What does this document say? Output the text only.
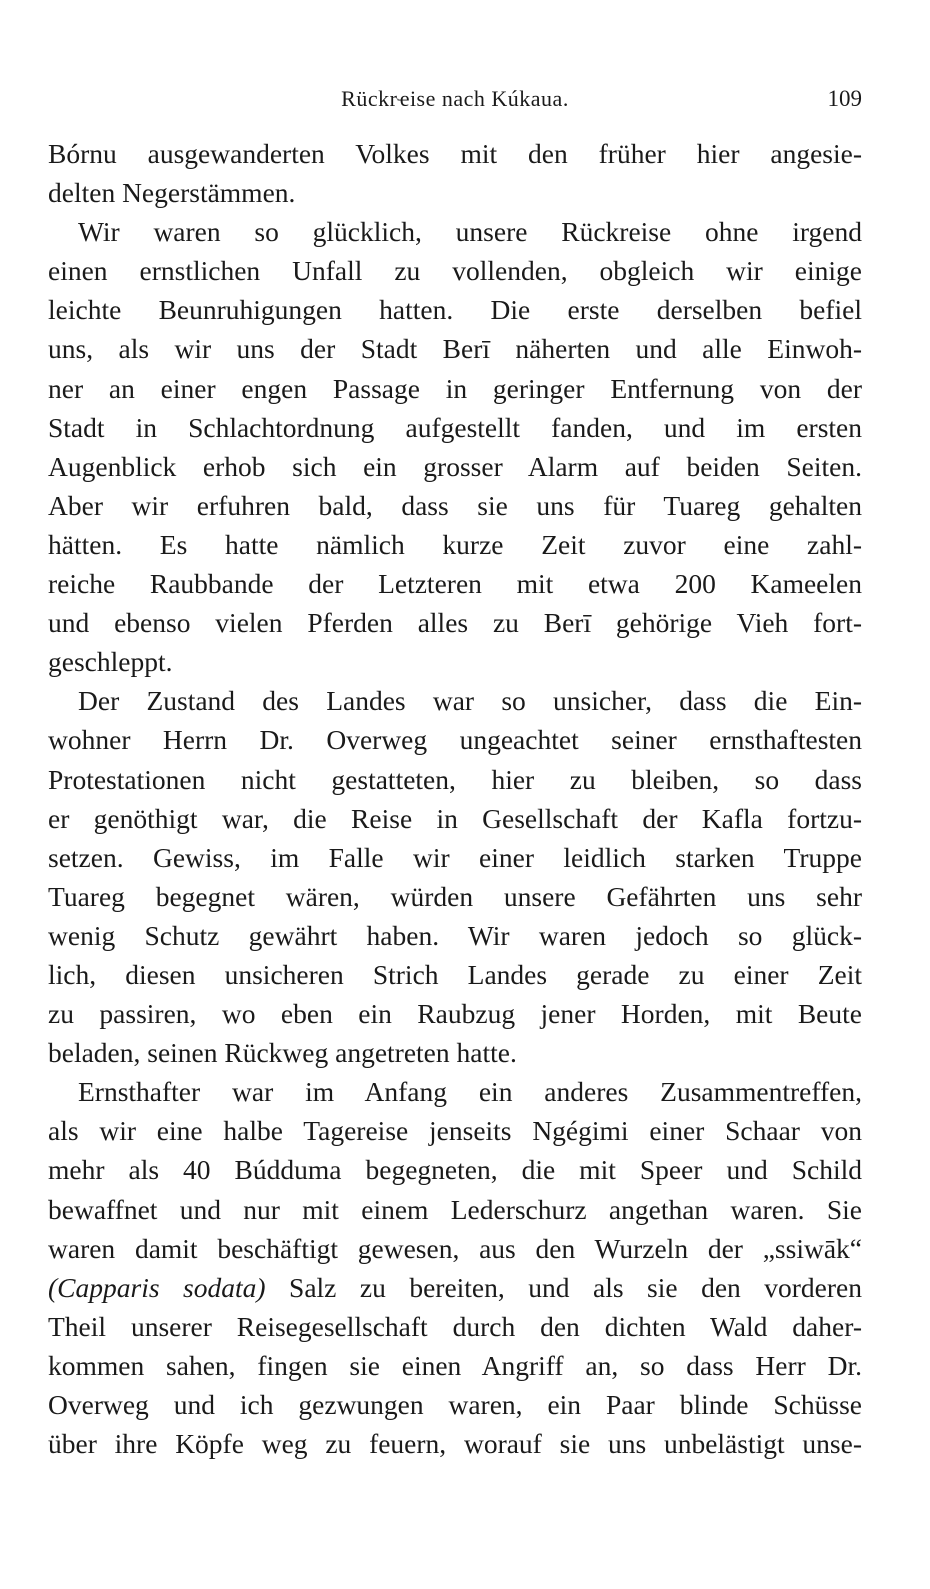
Rückrҽise nach Kúkaua.	109
Bórnu ausgewanderten Volkes mit den früher hier angesie-
delten Negerstämmen.
Wir waren so glücklich, unsere Rückreise ohne irgend
einen ernstlichen Unfall zu vollenden, obgleich wir einige
leichte Beunruhigungen hatten. Die erste derselben befiel
uns, als wir uns der Stadt Berī näherten und alle Einwoh-
ner an einer engen Passage in geringer Entfernung von der
Stadt in Schlachtordnung aufgestellt fanden, und im ersten
Augenblick erhob sich ein grosser Alarm auf beiden Seiten.
Aber wir erfuhren bald, dass sie uns für Tuareg gehalten
hätten. Es hatte nämlich kurze Zeit zuvor eine zahl-
reiche Raubbande der Letzteren mit etwa 200 Kameelen
und ebenso vielen Pferden alles zu Berī gehörige Vieh fort-
geschleppt.
Der Zustand des Landes war so unsicher, dass die Ein-
wohner Herrn Dr. Overweg ungeachtet seiner ernsthaftesten
Protestationen nicht gestatteten, hier zu bleiben, so dass
er genöthigt war, die Reise in Gesellschaft der Kafla fortzu-
setzen. Gewiss, im Falle wir einer leidlich starken Truppe
Tuareg begegnet wären, würden unsere Gefährten uns sehr
wenig Schutz gewährt haben. Wir waren jedoch so glück-
lich, diesen unsicheren Strich Landes gerade zu einer Zeit
zu passiren, wo eben ein Raubzug jener Horden, mit Beute
beladen, seinen Rückweg angetreten hatte.
Ernsthafter war im Anfang ein anderes Zusammentreffen,
als wir eine halbe Tagereise jenseits Ngégimi einer Schaar von
mehr als 40 Búdduma begegneten, die mit Speer und Schild
bewaffnet und nur mit einem Lederschurz angethan waren. Sie
waren damit beschäftigt gewesen, aus den Wurzeln der „ssiwāk“
(Capparis sodata) Salz zu bereiten, und als sie den vorderen
Theil unserer Reisegesellschaft durch den dichten Wald daher-
kommen sahen, fingen sie einen Angriff an, so dass Herr Dr.
Overweg und ich gezwungen waren, ein Paar blinde Schüsse
über ihre Köpfe weg zu feuern, worauf sie uns unbelästigt unse-
